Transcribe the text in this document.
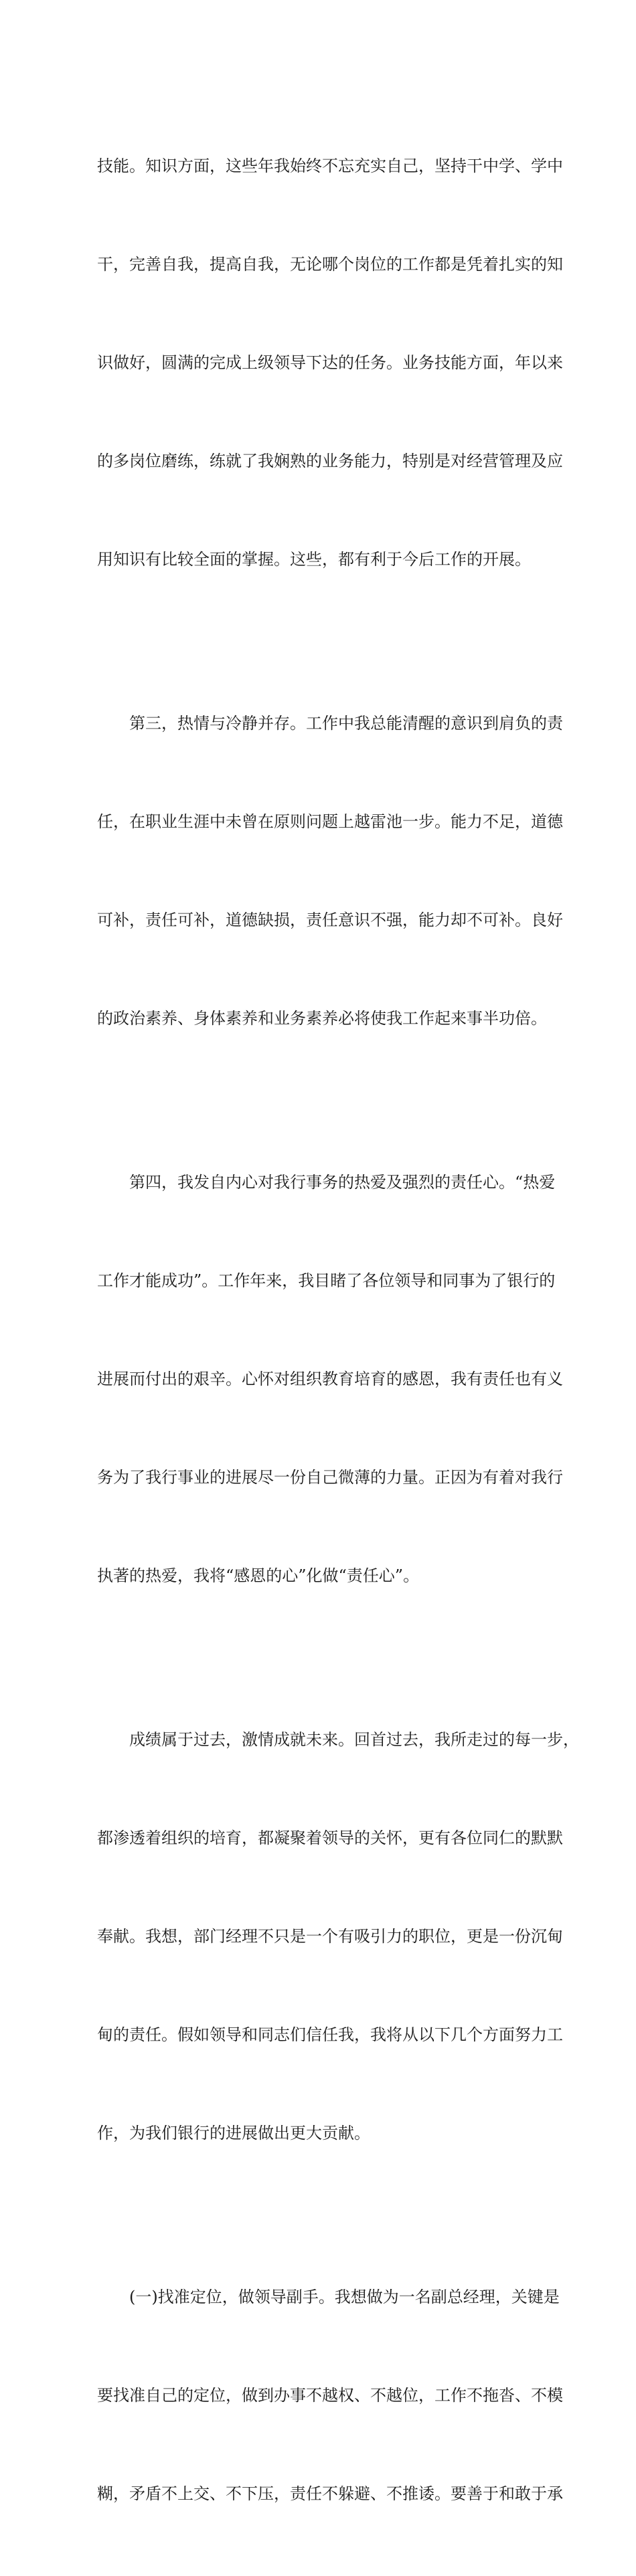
技能。知识方面，这些年我始终不忘充实自己，坚持干中学、学中

干，完善自我，提高自我，无论哪个岗位的工作都是凭着扎实的知

识做好，圆满的完成上级领导下达的任务。业务技能方面，年以来

的多岗位磨练，练就了我娴熟的业务能力，特别是对经营管理及应

用知识有比较全面的掌握。这些，都有利于今后工作的开展。

　　第三，热情与冷静并存。工作中我总能清醒的意识到肩负的责

任，在职业生涯中未曾在原则问题上越雷池一步。能力不足，道德

可补，责任可补，道德缺损，责任意识不强，能力却不可补。良好

的政治素养、身体素养和业务素养必将使我工作起来事半功倍。

　　第四，我发自内心对我行事务的热爱及强烈的责任心。“热爱

工作才能成功”。工作年来，我目睹了各位领导和同事为了银行的

进展而付出的艰辛。心怀对组织教育培育的感恩，我有责任也有义

务为了我行事业的进展尽一份自己微薄的力量。正因为有着对我行

执著的热爱，我将“感恩的心”化做“责任心”。

　　成绩属于过去，激情成就未来。回首过去，我所走过的每一步，

都渗透着组织的培育，都凝聚着领导的关怀，更有各位同仁的默默

奉献。我想，部门经理不只是一个有吸引力的职位，更是一份沉甸

甸的责任。假如领导和同志们信任我，我将从以下几个方面努力工

作，为我们银行的进展做出更大贡献。

　　(一)找准定位，做领导副手。我想做为一名副总经理，关键是

要找准自己的定位，做到办事不越权、不越位，工作不拖沓、不模

糊，矛盾不上交、不下压，责任不躲避、不推诿。要善于和敢于承
